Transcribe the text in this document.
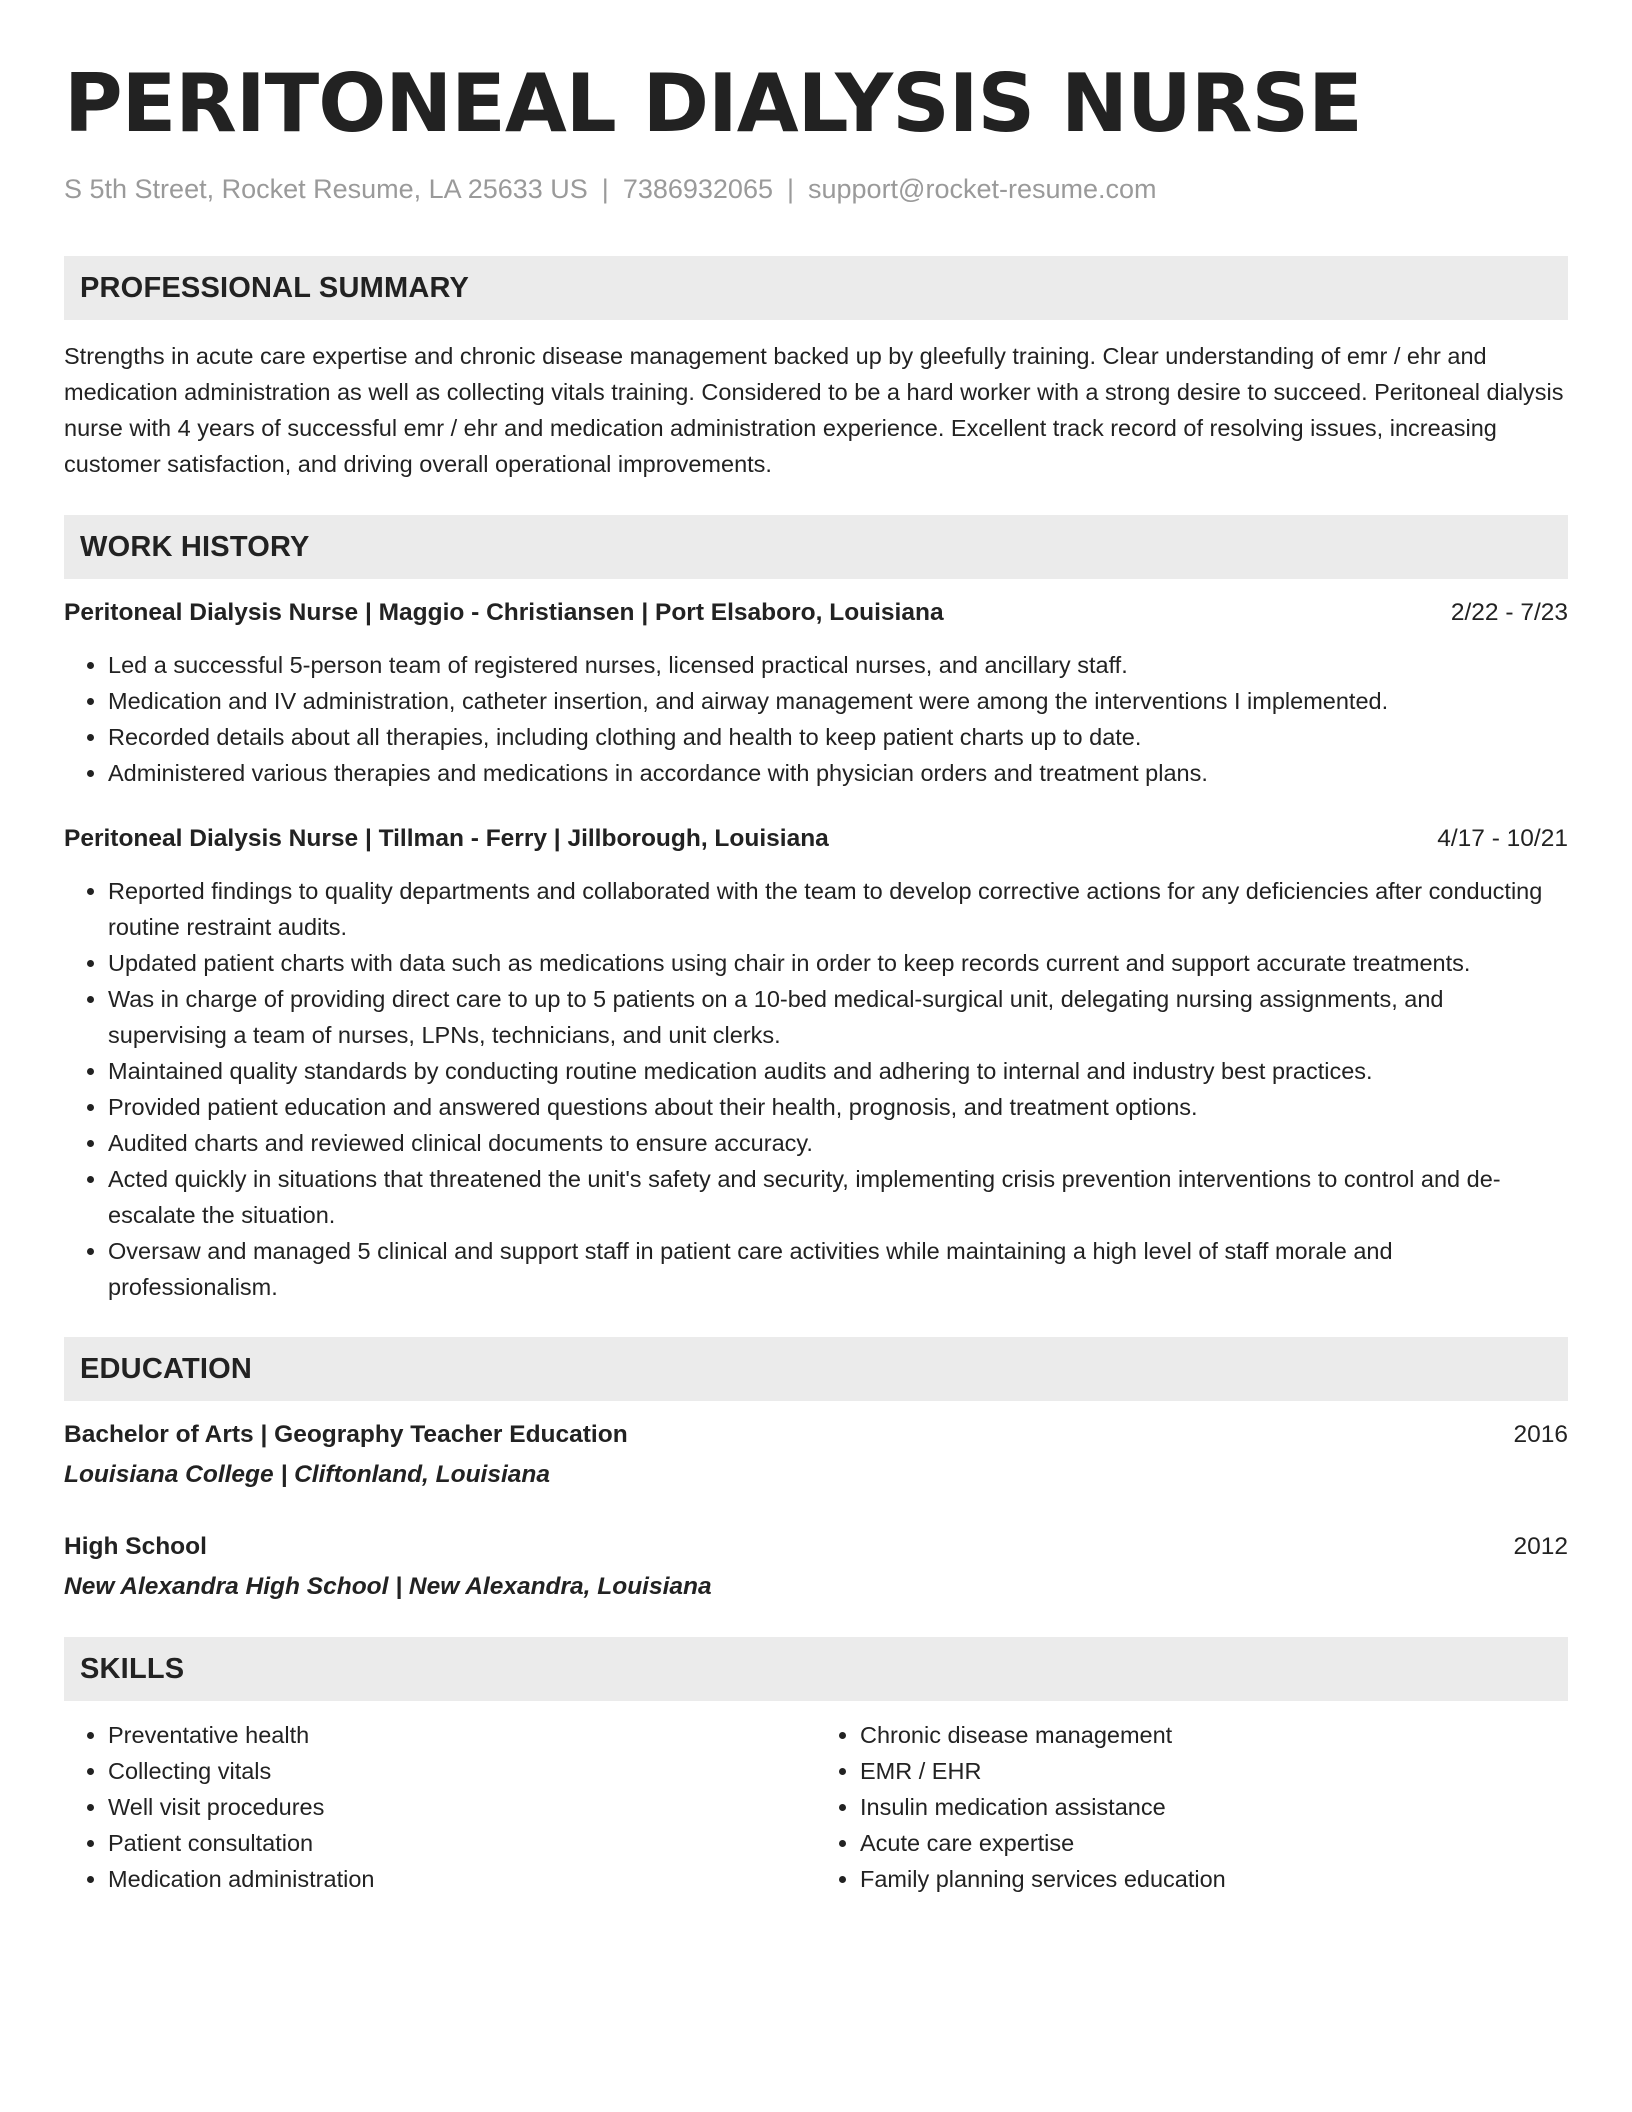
PERITONEAL DIALYSIS NURSE
S 5th Street, Rocket Resume, LA 25633 US | 7386932065 | support@rocket-resume.com
PROFESSIONAL SUMMARY

Strengths in acute care expertise and chronic disease management backed up by gleefully training. Clear understanding of emr / ehr and medication administration as well as collecting vitals training. Considered to be a hard worker with a strong desire to succeed. Peritoneal dialysis nurse with 4 years of successful emr / ehr and medication administration experience. Excellent track record of resolving issues, increasing customer satisfaction, and driving overall operational improvements.

WORK HISTORY
Peritoneal Dialysis Nurse | Maggio - Christiansen | Port Elsaboro, Louisiana	2/22 - 7/23
• Led a successful 5-person team of registered nurses, licensed practical nurses, and ancillary staff.
• Medication and IV administration, catheter insertion, and airway management were among the interventions I implemented.
• Recorded details about all therapies, including clothing and health to keep patient charts up to date.
• Administered various therapies and medications in accordance with physician orders and treatment plans.
Peritoneal Dialysis Nurse | Tillman - Ferry | Jillborough, Louisiana	4/17 - 10/21
• Reported findings to quality departments and collaborated with the team to develop corrective actions for any deficiencies after conducting routine restraint audits.
• Updated patient charts with data such as medications using chair in order to keep records current and support accurate treatments.
• Was in charge of providing direct care to up to 5 patients on a 10-bed medical-surgical unit, delegating nursing assignments, and supervising a team of nurses, LPNs, technicians, and unit clerks.
• Maintained quality standards by conducting routine medication audits and adhering to internal and industry best practices.
• Provided patient education and answered questions about their health, prognosis, and treatment options.
• Audited charts and reviewed clinical documents to ensure accuracy.
• Acted quickly in situations that threatened the unit's safety and security, implementing crisis prevention interventions to control and de-escalate the situation.
• Oversaw and managed 5 clinical and support staff in patient care activities while maintaining a high level of staff morale and professionalism.
EDUCATION
Bachelor of Arts | Geography Teacher Education	2016
Louisiana College | Cliftonland, Louisiana
High School	2012
New Alexandra High School | New Alexandra, Louisiana
SKILLS
• Preventative health
• Collecting vitals
• Well visit procedures
• Patient consultation
• Medication administration
• Chronic disease management
• EMR / EHR
• Insulin medication assistance
• Acute care expertise
• Family planning services education
